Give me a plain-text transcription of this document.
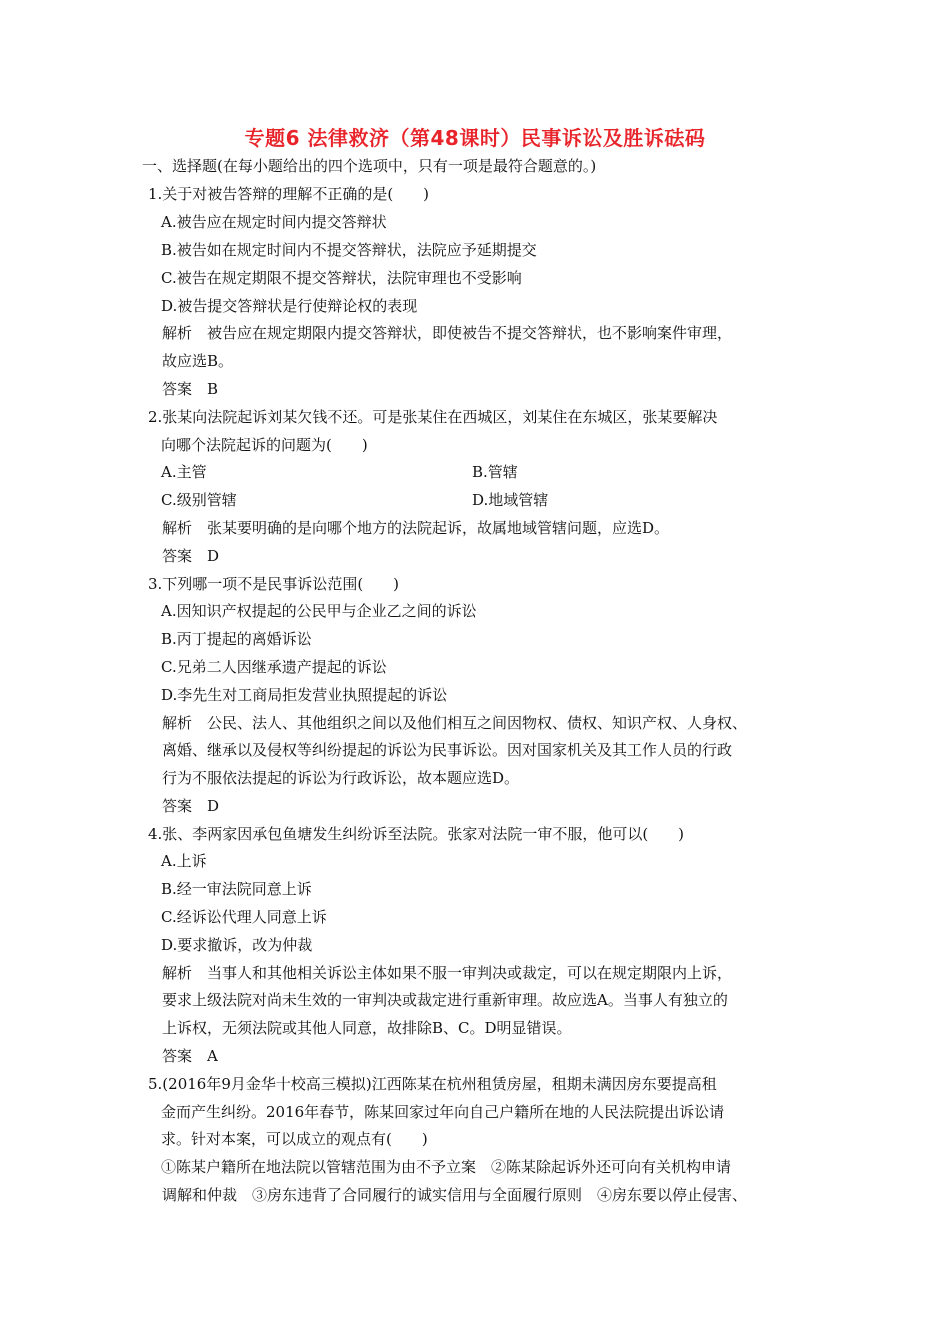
专题6 法律救济（第48课时）民事诉讼及胜诉砝码
一、选择题(在每小题给出的四个选项中，只有一项是最符合题意的。)
1.关于对被告答辩的理解不正确的是(　　)
A.被告应在规定时间内提交答辩状
B.被告如在规定时间内不提交答辩状，法院应予延期提交
C.被告在规定期限不提交答辩状，法院审理也不受影响
D.被告提交答辩状是行使辩论权的表现
解析　被告应在规定期限内提交答辩状，即使被告不提交答辩状，也不影响案件审理，
故应选B。
答案　B
2.张某向法院起诉刘某欠钱不还。可是张某住在西城区，刘某住在东城区，张某要解决
向哪个法院起诉的问题为(　　)
A.主管	B.管辖
C.级别管辖	D.地域管辖
解析　张某要明确的是向哪个地方的法院起诉，故属地域管辖问题，应选D。
答案　D
3.下列哪一项不是民事诉讼范围(　　)
A.因知识产权提起的公民甲与企业乙之间的诉讼
B.丙丁提起的离婚诉讼
C.兄弟二人因继承遗产提起的诉讼
D.李先生对工商局拒发营业执照提起的诉讼
解析　公民、法人、其他组织之间以及他们相互之间因物权、债权、知识产权、人身权、
离婚、继承以及侵权等纠纷提起的诉讼为民事诉讼。因对国家机关及其工作人员的行政
行为不服依法提起的诉讼为行政诉讼，故本题应选D。
答案　D
4.张、李两家因承包鱼塘发生纠纷诉至法院。张家对法院一审不服，他可以(　　)
A.上诉
B.经一审法院同意上诉
C.经诉讼代理人同意上诉
D.要求撤诉，改为仲裁
解析　当事人和其他相关诉讼主体如果不服一审判决或裁定，可以在规定期限内上诉，
要求上级法院对尚未生效的一审判决或裁定进行重新审理。故应选A。当事人有独立的
上诉权，无须法院或其他人同意，故排除B、C。D明显错误。
答案　A
5.(2016年9月金华十校高三模拟)江西陈某在杭州租赁房屋，租期未满因房东要提高租
金而产生纠纷。2016年春节，陈某回家过年向自己户籍所在地的人民法院提出诉讼请
求。针对本案，可以成立的观点有(　　)
①陈某户籍所在地法院以管辖范围为由不予立案　②陈某除起诉外还可向有关机构申请
调解和仲裁　③房东违背了合同履行的诚实信用与全面履行原则　④房东要以停止侵害、
